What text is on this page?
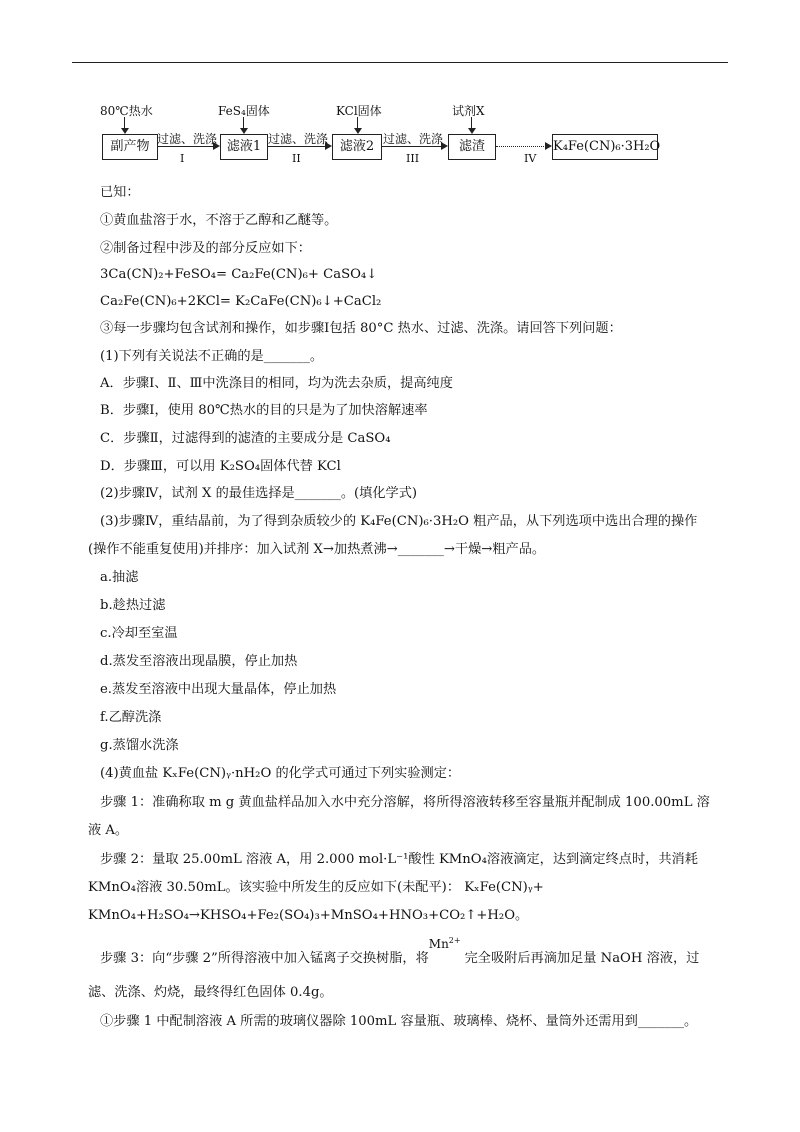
80℃热水
副产物 过滤、洗涤
I
FeS₄固体
滤液1 过滤、洗涤
II
KCl固体
滤液2 过滤、洗涤
III
试剂X
滤渣
IV
K₄Fe(CN)₆·3H₂O
已知：
①黄血盐溶于水，不溶于乙醇和乙醚等。
②制备过程中涉及的部分反应如下：
3Ca(CN)₂+FeSO₄= Ca₂Fe(CN)₆+ CaSO₄↓
Ca₂Fe(CN)₆+2KCl= K₂CaFe(CN)₆↓+CaCl₂
③每一步骤均包含试剂和操作，如步骤Ⅰ包括 80°C 热水、过滤、洗涤。请回答下列问题：
(1)下列有关说法不正确的是_______。
A．步骤Ⅰ、Ⅱ、Ⅲ中洗涤目的相同，均为洗去杂质，提高纯度
B．步骤Ⅰ，使用 80℃热水的目的只是为了加快溶解速率
C．步骤Ⅱ，过滤得到的滤渣的主要成分是 CaSO₄
D．步骤Ⅲ，可以用 K₂SO₄固体代替 KCl
(2)步骤Ⅳ，试剂 X 的最佳选择是_______。(填化学式)
(3)步骤Ⅳ，重结晶前，为了得到杂质较少的 K₄Fe(CN)₆·3H₂O 粗产品，从下列选项中选出合理的操作
(操作不能重复使用)并排序：加入试剂 X→加热煮沸→_______→干燥→粗产品。
a.抽滤
b.趁热过滤
c.冷却至室温
d.蒸发至溶液出现晶膜，停止加热
e.蒸发至溶液中出现大量晶体，停止加热
f.乙醇洗涤
g.蒸馏水洗涤
(4)黄血盐 KₓFe(CN)ᵧ·nH₂O 的化学式可通过下列实验测定：
步骤 1：准确称取 m g 黄血盐样品加入水中充分溶解，将所得溶液转移至容量瓶并配制成 100.00mL 溶
液 A。
步骤 2：量取 25.00mL 溶液 A，用 2.000 mol·L⁻¹酸性 KMnO₄溶液滴定，达到滴定终点时，共消耗
KMnO₄溶液 30.50mL。该实验中所发生的反应如下(未配平)： KₓFe(CN)ᵧ+
KMnO₄+H₂SO₄→KHSO₄+Fe₂(SO₄)₃+MnSO₄+HNO₃+CO₂↑+H₂O。
步骤 3：向“步骤 2”所得溶液中加入锰离子交换树脂，将$Mn^{2+}$完全吸附后再滴加足量 NaOH 溶液，过
滤、洗涤、灼烧，最终得红色固体 0.4g。
①步骤 1 中配制溶液 A 所需的玻璃仪器除 100mL 容量瓶、玻璃棒、烧杯、量筒外还需用到_______。
